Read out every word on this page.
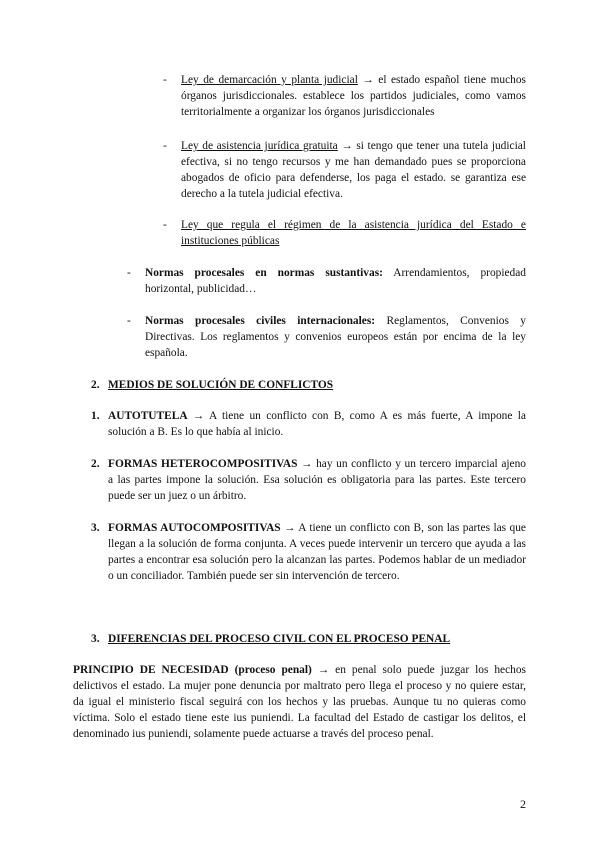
- Ley de demarcación y planta judicial → el estado español tiene muchos órganos jurisdiccionales. establece los partidos judiciales, como vamos territorialmente a organizar los órganos jurisdiccionales
- Ley de asistencia jurídica gratuita → si tengo que tener una tutela judicial efectiva, si no tengo recursos y me han demandado pues se proporciona abogados de oficio para defenderse, los paga el estado. se garantiza ese derecho a la tutela judicial efectiva.
- Ley que regula el régimen de la asistencia jurídica del Estado e instituciones públicas
- Normas procesales en normas sustantivas: Arrendamientos, propiedad horizontal, publicidad…
- Normas procesales civiles internacionales: Reglamentos, Convenios y Directivas. Los reglamentos y convenios europeos están por encima de la ley española.
2. MEDIOS DE SOLUCIÓN DE CONFLICTOS
1. AUTOTUTELA → A tiene un conflicto con B, como A es más fuerte, A impone la solución a B. Es lo que había al inicio.
2. FORMAS HETEROCOMPOSITIVAS → hay un conflicto y un tercero imparcial ajeno a las partes impone la solución. Esa solución es obligatoria para las partes. Este tercero puede ser un juez o un árbitro.
3. FORMAS AUTOCOMPOSITIVAS → A tiene un conflicto con B, son las partes las que llegan a la solución de forma conjunta. A veces puede intervenir un tercero que ayuda a las partes a encontrar esa solución pero la alcanzan las partes. Podemos hablar de un mediador o un conciliador. También puede ser sin intervención de tercero.
3. DIFERENCIAS DEL PROCESO CIVIL CON EL PROCESO PENAL
PRINCIPIO DE NECESIDAD (proceso penal) → en penal solo puede juzgar los hechos delictivos el estado. La mujer pone denuncia por maltrato pero llega el proceso y no quiere estar, da igual el ministerio fiscal seguirá con los hechos y las pruebas. Aunque tu no quieras como víctima. Solo el estado tiene este ius puniendi. La facultad del Estado de castigar los delitos, el denominado ius puniendi, solamente puede actuarse a través del proceso penal.
2
